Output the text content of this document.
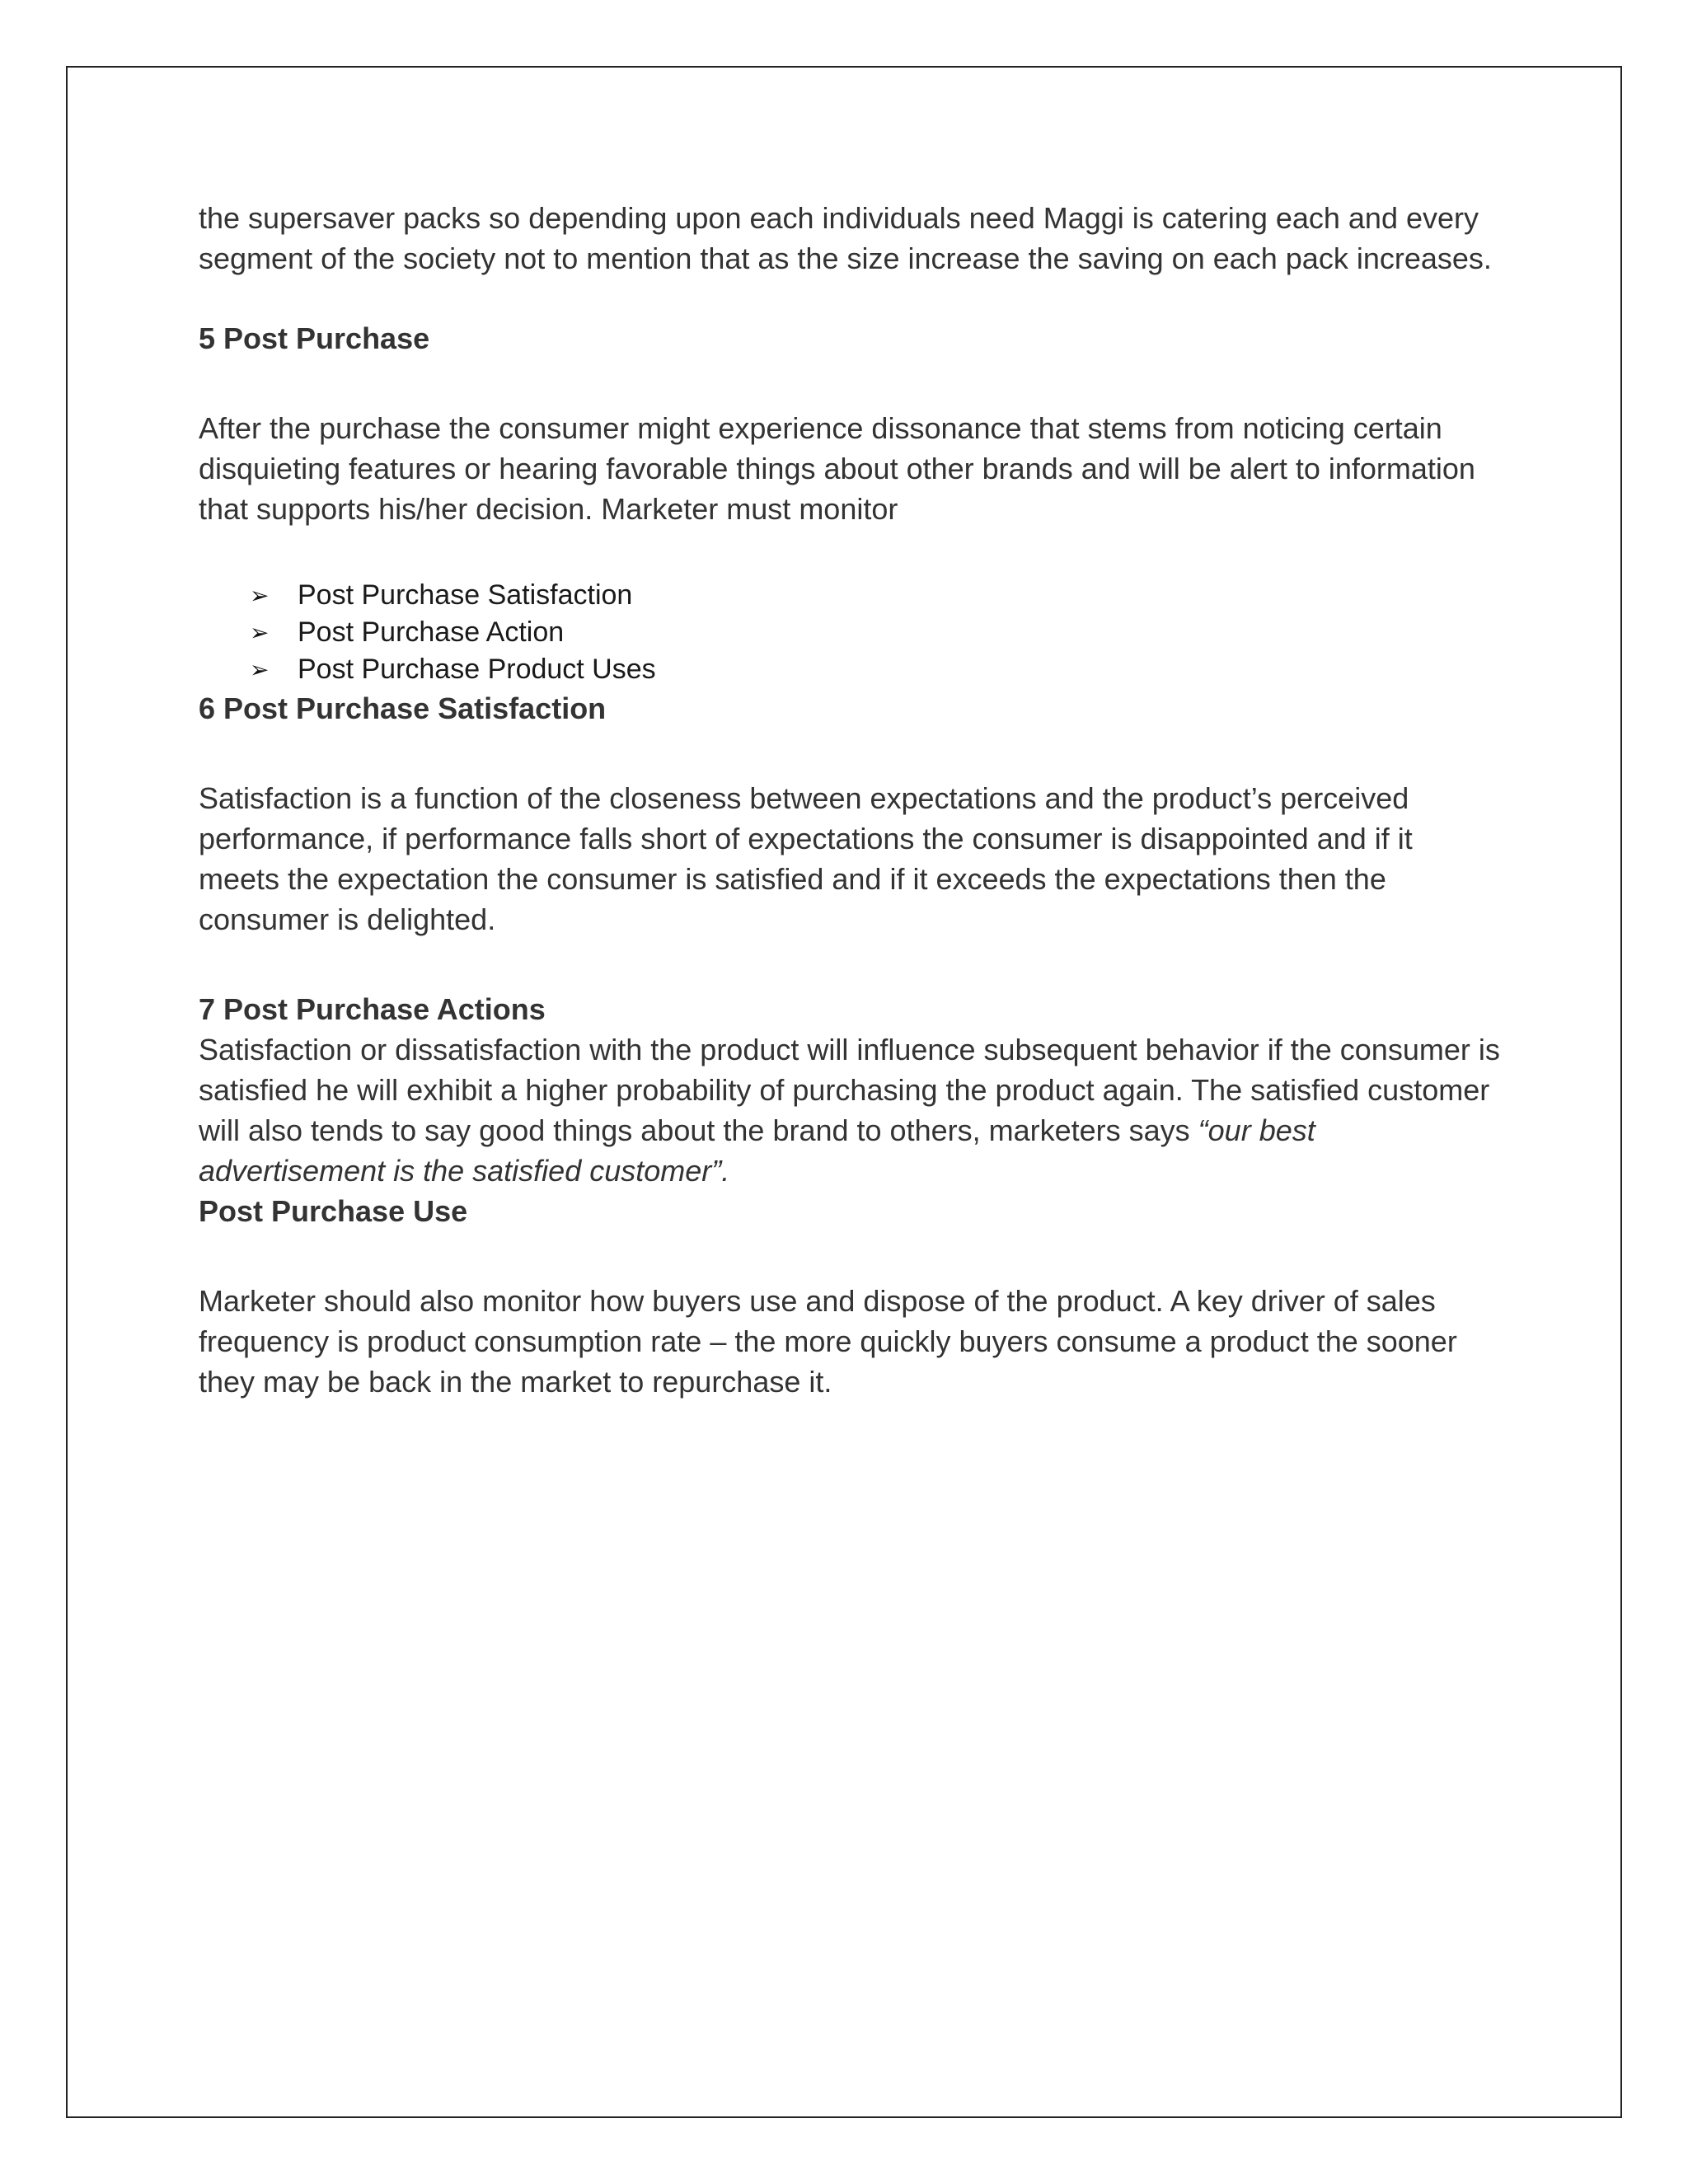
the supersaver packs so depending upon each individuals need Maggi is catering each and every segment of the society not to mention that as the size increase the saving on each pack increases.

5 Post Purchase

After the purchase the consumer might experience dissonance that stems from noticing certain disquieting features or hearing favorable things about other brands and will be alert to information that supports his/her decision. Marketer must monitor

➢	Post Purchase Satisfaction
➢	Post Purchase Action
➢	Post Purchase Product Uses

6 Post Purchase Satisfaction

Satisfaction is a function of the closeness between expectations and the product’s perceived performance, if performance falls short of expectations the consumer is disappointed and if it meets the expectation the consumer is satisfied and if it exceeds the expectations then the consumer is delighted.

7 Post Purchase Actions

Satisfaction or dissatisfaction with the product will influence subsequent behavior if the consumer is satisfied he will exhibit a higher probability of purchasing the product again. The satisfied customer will also tends to say good things about the brand to others, marketers says “our best advertisement is the satisfied customer”.

Post Purchase Use

Marketer should also monitor how buyers use and dispose of the product. A key driver of sales frequency is product consumption rate – the more quickly buyers consume a product the sooner they may be back in the market to repurchase it.
